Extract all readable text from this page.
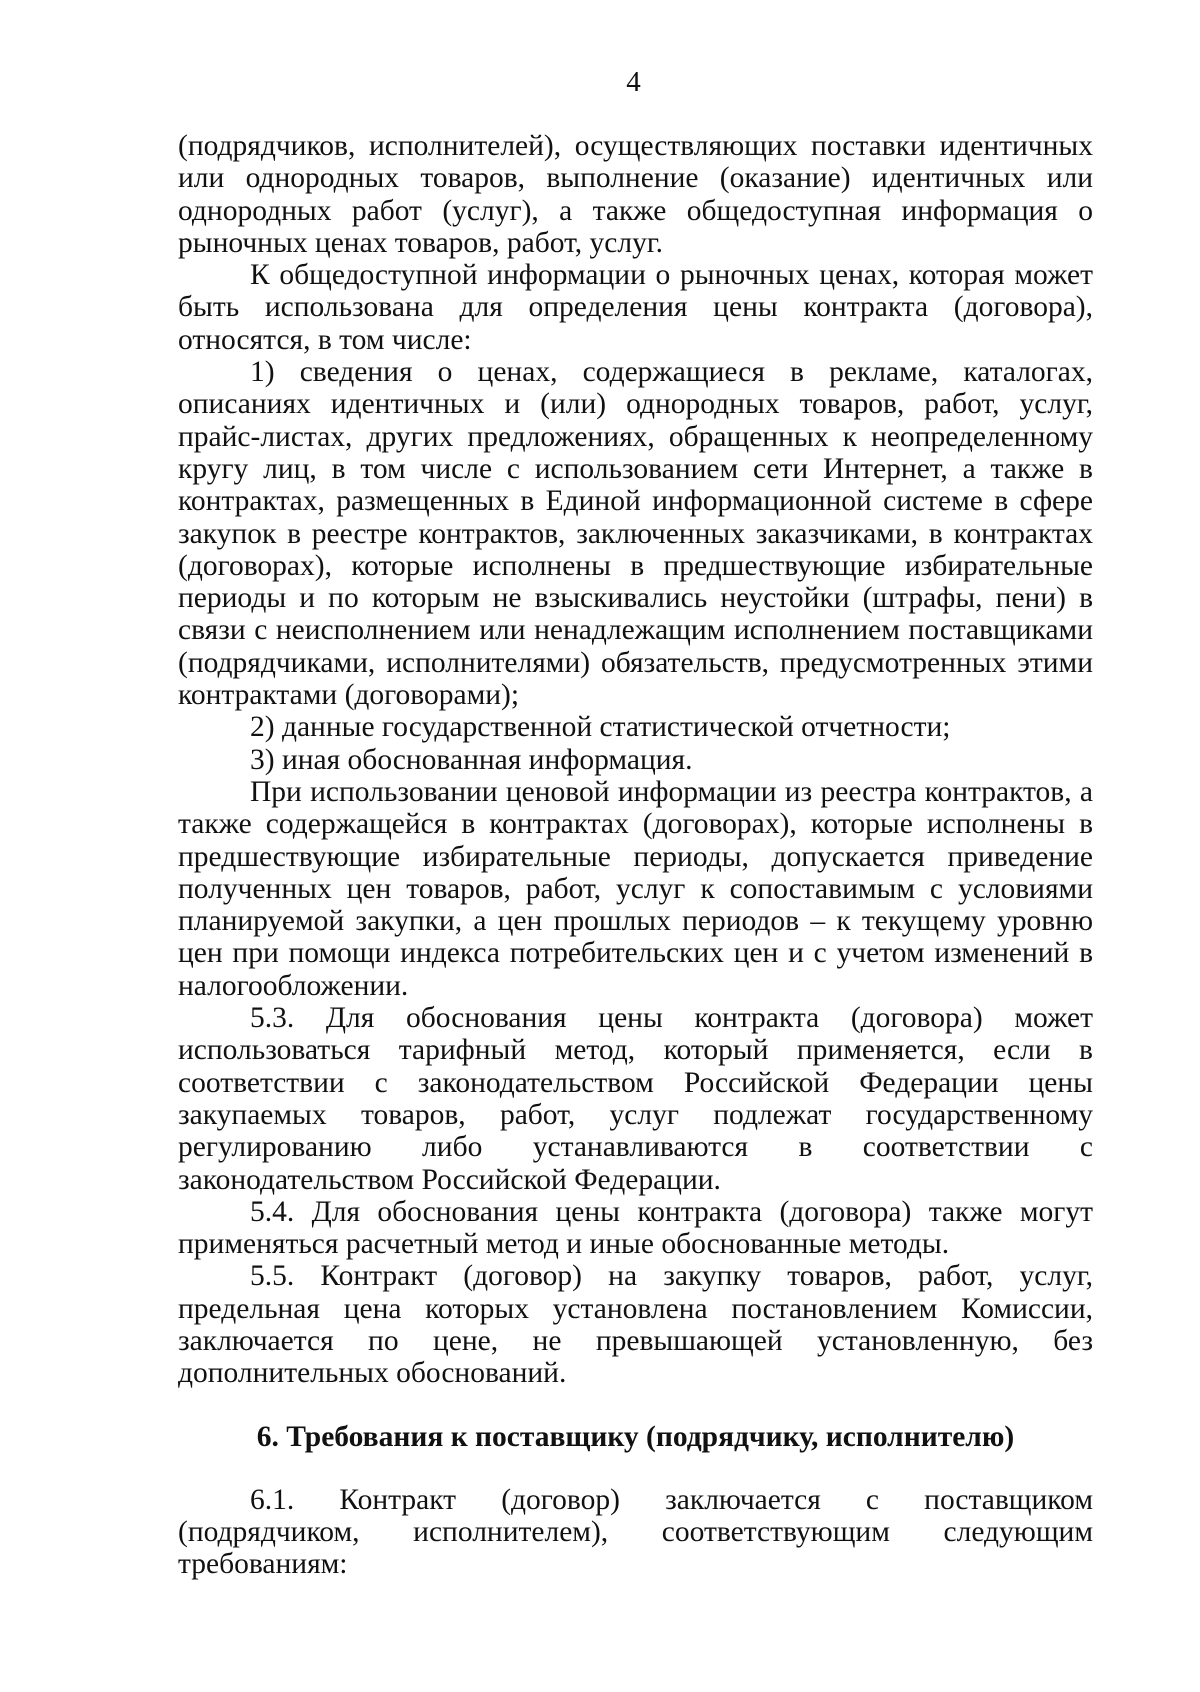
4

(подрядчиков, исполнителей), осуществляющих поставки идентичных или однородных товаров, выполнение (оказание) идентичных или однородных работ (услуг), а также общедоступная информация о рыночных ценах товаров, работ, услуг.

К общедоступной информации о рыночных ценах, которая может быть использована для определения цены контракта (договора), относятся, в том числе:

1) сведения о ценах, содержащиеся в рекламе, каталогах, описаниях идентичных и (или) однородных товаров, работ, услуг, прайс-листах, других предложениях, обращенных к неопределенному кругу лиц, в том числе с использованием сети Интернет, а также в контрактах, размещенных в Единой информационной системе в сфере закупок в реестре контрактов, заключенных заказчиками, в контрактах (договорах), которые исполнены в предшествующие избирательные периоды и по которым не взыскивались неустойки (штрафы, пени) в связи с неисполнением или ненадлежащим исполнением поставщиками (подрядчиками, исполнителями) обязательств, предусмотренных этими контрактами (договорами);

2) данные государственной статистической отчетности;

3) иная обоснованная информация.

При использовании ценовой информации из реестра контрактов, а также содержащейся в контрактах (договорах), которые исполнены в предшествующие избирательные периоды, допускается приведение полученных цен товаров, работ, услуг к сопоставимым с условиями планируемой закупки, а цен прошлых периодов – к текущему уровню цен при помощи индекса потребительских цен и с учетом изменений в налогообложении.

5.3. Для обоснования цены контракта (договора) может использоваться тарифный метод, который применяется, если в соответствии с законодательством Российской Федерации цены закупаемых товаров, работ, услуг подлежат государственному регулированию либо устанавливаются в соответствии с законодательством Российской Федерации.

5.4. Для обоснования цены контракта (договора) также могут применяться расчетный метод и иные обоснованные методы.

5.5. Контракт (договор) на закупку товаров, работ, услуг, предельная цена которых установлена постановлением Комиссии, заключается по цене, не превышающей установленную, без дополнительных обоснований.

6. Требования к поставщику (подрядчику, исполнителю)

6.1. Контракт (договор) заключается с поставщиком (подрядчиком, исполнителем), соответствующим следующим требованиям:
